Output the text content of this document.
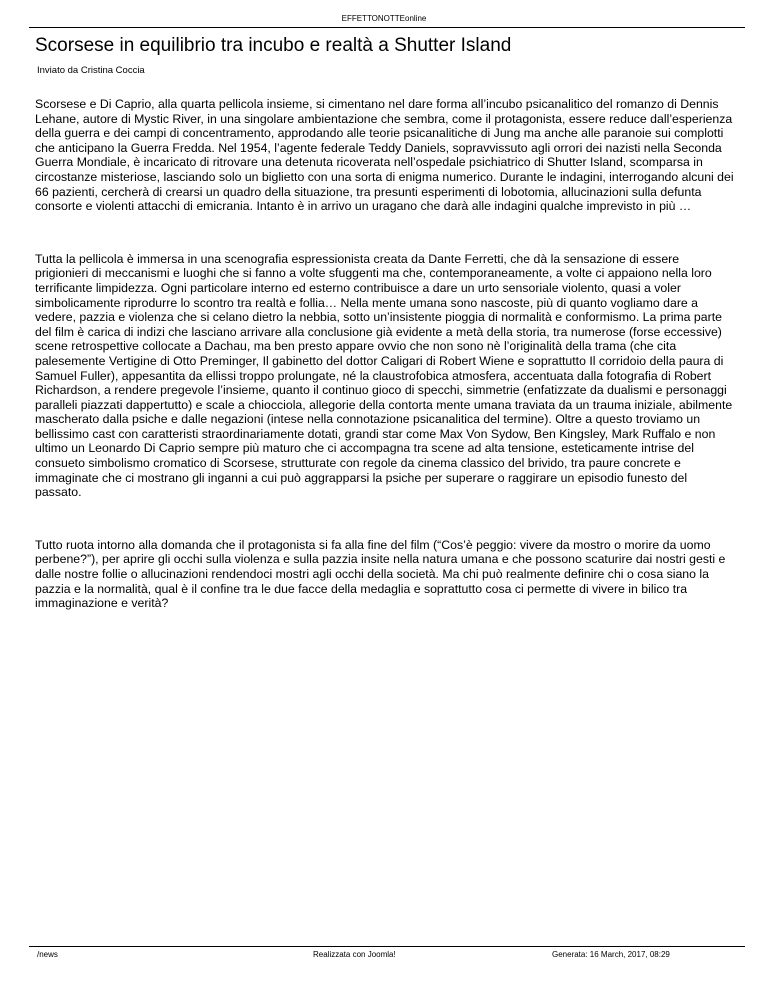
EFFETTONOTTEonline
Scorsese in equilibrio tra incubo e realtà a Shutter Island
Inviato da Cristina Coccia

Scorsese e Di Caprio, alla quarta pellicola insieme, si cimentano nel dare forma all’incubo psicanalitico del romanzo di Dennis Lehane, autore di Mystic River, in una singolare ambientazione che sembra, come il protagonista, essere reduce dall’esperienza della guerra e dei campi di concentramento, approdando alle teorie psicanalitiche di Jung ma anche alle paranoie sui complotti che anticipano la Guerra Fredda. Nel 1954, l’agente federale Teddy Daniels, sopravvissuto agli orrori dei nazisti nella Seconda Guerra Mondiale, è incaricato di ritrovare una detenuta ricoverata nell’ospedale psichiatrico di Shutter Island, scomparsa in circostanze misteriose, lasciando solo un biglietto con una sorta di enigma numerico. Durante le indagini, interrogando alcuni dei 66 pazienti, cercherà di crearsi un quadro della situazione, tra presunti esperimenti di lobotomia, allucinazioni sulla defunta consorte e violenti attacchi di emicrania. Intanto è in arrivo un uragano che darà alle indagini qualche imprevisto in più …

Tutta la pellicola è immersa in una scenografia espressionista creata da Dante Ferretti, che dà la sensazione di essere prigionieri di meccanismi e luoghi che si fanno a volte sfuggenti ma che, contemporaneamente, a volte ci appaiono nella loro terrificante limpidezza. Ogni particolare interno ed esterno contribuisce a dare un urto sensoriale violento, quasi a voler simbolicamente riprodurre lo scontro tra realtà e follia… Nella mente umana sono nascoste, più di quanto vogliamo dare a vedere, pazzia e violenza che si celano dietro la nebbia, sotto un’insistente pioggia di normalità e conformismo. La prima parte del film è carica di indizi che lasciano arrivare alla conclusione già evidente a metà della storia, tra numerose (forse eccessive) scene retrospettive collocate a Dachau, ma ben presto appare ovvio che non sono nè l’originalità della trama (che cita palesemente Vertigine di Otto Preminger, Il gabinetto del dottor Caligari di Robert Wiene e soprattutto Il corridoio della paura di Samuel Fuller), appesantita da ellissi troppo prolungate, né la claustrofobica atmosfera, accentuata dalla fotografia di Robert Richardson, a rendere pregevole l’insieme, quanto il continuo gioco di specchi, simmetrie (enfatizzate da dualismi e personaggi paralleli piazzati dappertutto) e scale a chiocciola, allegorie della contorta mente umana traviata da un trauma iniziale, abilmente mascherato dalla psiche e dalle negazioni (intese nella connotazione psicanalitica del termine). Oltre a questo troviamo un bellissimo cast con caratteristi straordinariamente dotati, grandi star come Max Von Sydow, Ben Kingsley, Mark Ruffalo e non ultimo un Leonardo Di Caprio sempre più maturo che ci accompagna tra scene ad alta tensione, esteticamente intrise del consueto simbolismo cromatico di Scorsese, strutturate con regole da cinema classico del brivido, tra paure concrete e immaginate che ci mostrano gli inganni a cui può aggrapparsi la psiche per superare o raggirare un episodio funesto del passato.

Tutto ruota intorno alla domanda che il protagonista si fa alla fine del film (“Cos’è peggio: vivere da mostro o morire da uomo perbene?”), per aprire gli occhi sulla violenza e sulla pazzia insite nella natura umana e che possono scaturire dai nostri gesti e dalle nostre follie o allucinazioni rendendoci mostri agli occhi della società. Ma chi può realmente definire chi o cosa siano la pazzia e la normalità, qual è il confine tra le due facce della medaglia e soprattutto cosa ci permette di vivere in bilico tra immaginazione e verità?

/news	Realizzata con Joomla!	Generata: 16 March, 2017, 08:29
